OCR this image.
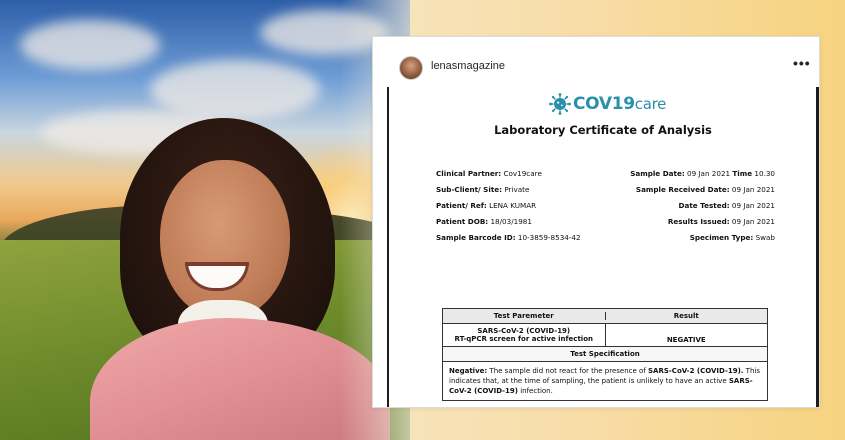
lenasmagazine	•••
COV19care
Laboratory Certificate of Analysis
Clinical Partner: Cov19care
Sub-Client/ Site: Private
Patient/ Ref: LENA KUMAR
Patient DOB: 18/03/1981
Sample Barcode ID: 10-3859-8534-42
Sample Date: 09 Jan 2021 Time 10.30
Sample Received Date: 09 Jan 2021
Date Tested: 09 Jan 2021
Results Issued: 09 Jan 2021
Specimen Type: Swab
Test Paremeter	Result
SARS-CoV-2 (COVID-19)
RT-qPCR screen for active infection	NEGATIVE
Test Specification
Negative: The sample did not react for the presence of SARS-CoV-2 (COVID-19). This indicates that, at the time of sampling, the patient is unlikely to have an active SARS-CoV-2 (COVID-19) infection.
